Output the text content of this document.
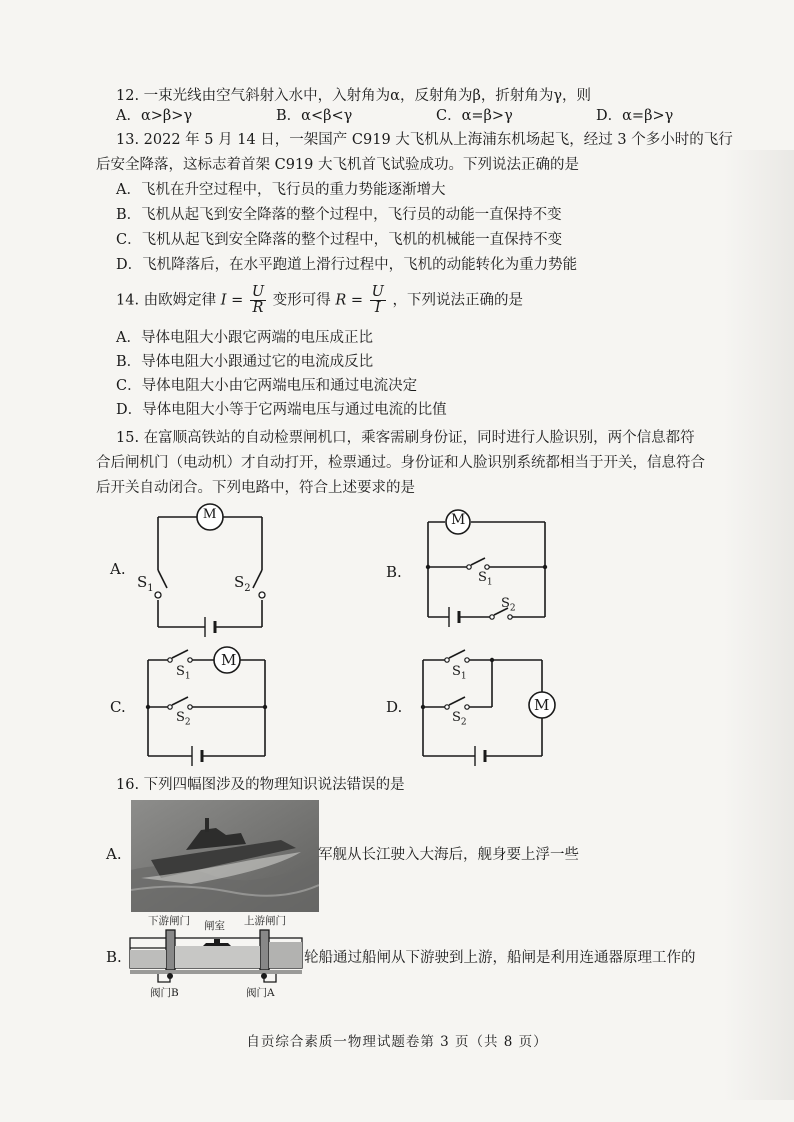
12. 一束光线由空气斜射入水中，入射角为α，反射角为β，折射角为γ，则
A．α>β>γ	B．α<β<γ	C．α=β>γ	D．α=β>γ
13. 2022 年 5 月 14 日，一架国产 C919 大飞机从上海浦东机场起飞，经过 3 个多小时的飞行
后安全降落，这标志着首架 C919 大飞机首飞试验成功。下列说法正确的是
A．飞机在升空过程中，飞行员的重力势能逐渐增大
B．飞机从起飞到安全降落的整个过程中，飞行员的动能一直保持不变
C．飞机从起飞到安全降落的整个过程中，飞机的机械能一直保持不变
D．飞机降落后，在水平跑道上滑行过程中，飞机的动能转化为重力势能
14. 由欧姆定律 $I = \frac{U}{R}$ 变形可得 $R = \frac{U}{I}$ ，下列说法正确的是
A．导体电阻大小跟它两端的电压成正比
B．导体电阻大小跟通过它的电流成反比
C．导体电阻大小由它两端电压和通过电流决定
D．导体电阻大小等于它两端电压与通过电流的比值
15. 在富顺高铁站的自动检票闸机口，乘客需刷身份证，同时进行人脸识别，两个信息都符
合后闸机门（电动机）才自动打开，检票通过。身份证和人脸识别系统都相当于开关，信息符合
后开关自动闭合。下列电路中，符合上述要求的是
A.	B.
C.	D.
M
$S_1$	$S_2$
M
$S_1$
$S_2$
M
$S_1$
$S_2$
M
$S_1$
$S_2$
16. 下列四幅图涉及的物理知识说法错误的是
A.	军舰从长江驶入大海后，舰身要上浮一些
B.
下游闸门 闸室 上游闸门
阀门B	阀门A
轮船通过船闸从下游驶到上游，船闸是利用连通器原理工作的
自贡综合素质一物理试题卷第 3 页（共 8 页）
